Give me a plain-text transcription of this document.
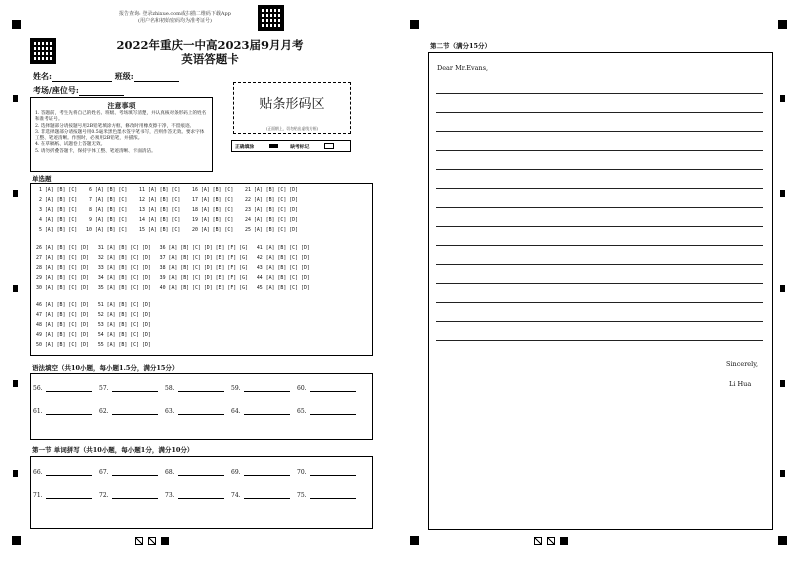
报告查询: 登录zhixue.com或扫描二维码下载App
(用户名和初始密码均为准考证号)
2022年重庆一中高2023届9月月考
英语答题卡
姓名:	班级:
考场/座位号:
注意事项

1. 答题前，考生先将自己的姓名、班级、考场填写清楚，并认真核对条形码上的姓名和准考证号。

2. 选择题部分请按题号用2B铅笔填涂方框，修改时用橡皮擦干净，不留痕迹。

3. 非选择题部分请按题号用0.5毫米黑色墨水签字笔书写，否则作答无效。要求字体工整、笔迹清晰。作图时，必须用2B铅笔，并描浓。

4. 在草稿纸、试题卷上答题无效。

5. 请勿折叠答题卡，保持字体工整、笔迹清晰、卡面清洁。

贴条形码区
(正面朝上，切勿贴出虚线方框)
正确填涂	缺考标记
单选题
1 [A] [B] [C]    6 [A] [B] [C]    11 [A] [B] [C]    16 [A] [B] [C]    21 [A] [B] [C] [D]
2 [A] [B] [C]    7 [A] [B] [C]    12 [A] [B] [C]    17 [A] [B] [C]    22 [A] [B] [C] [D]
3 [A] [B] [C]    8 [A] [B] [C]    13 [A] [B] [C]    18 [A] [B] [C]    23 [A] [B] [C] [D]
4 [A] [B] [C]    9 [A] [B] [C]    14 [A] [B] [C]    19 [A] [B] [C]    24 [A] [B] [C] [D]
5 [A] [B] [C]   10 [A] [B] [C]    15 [A] [B] [C]    20 [A] [B] [C]    25 [A] [B] [C] [D]
26 [A] [B] [C] [D]   31 [A] [B] [C] [D]   36 [A] [B] [C] [D] [E] [F] [G]   41 [A] [B] [C] [D]
27 [A] [B] [C] [D]   32 [A] [B] [C] [D]   37 [A] [B] [C] [D] [E] [F] [G]   42 [A] [B] [C] [D]
28 [A] [B] [C] [D]   33 [A] [B] [C] [D]   38 [A] [B] [C] [D] [E] [F] [G]   43 [A] [B] [C] [D]
29 [A] [B] [C] [D]   34 [A] [B] [C] [D]   39 [A] [B] [C] [D] [E] [F] [G]   44 [A] [B] [C] [D]
30 [A] [B] [C] [D]   35 [A] [B] [C] [D]   40 [A] [B] [C] [D] [E] [F] [G]   45 [A] [B] [C] [D]
46 [A] [B] [C] [D]   51 [A] [B] [C] [D]
47 [A] [B] [C] [D]   52 [A] [B] [C] [D]
48 [A] [B] [C] [D]   53 [A] [B] [C] [D]
49 [A] [B] [C] [D]   54 [A] [B] [C] [D]
50 [A] [B] [C] [D]   55 [A] [B] [C] [D]
语法填空（共10小题，每小题1.5分，满分15分）
56.	57.	58.	59.	60.
61.	62.	63.	64.	65.
第一节 单词拼写（共10小题，每小题1分，满分10分）
66.	67.	68.	69.	70.
71.	72.	73.	74.	75.
第二节（满分15分）
Dear Mr.Evans,
Sincerely,
Li Hua
